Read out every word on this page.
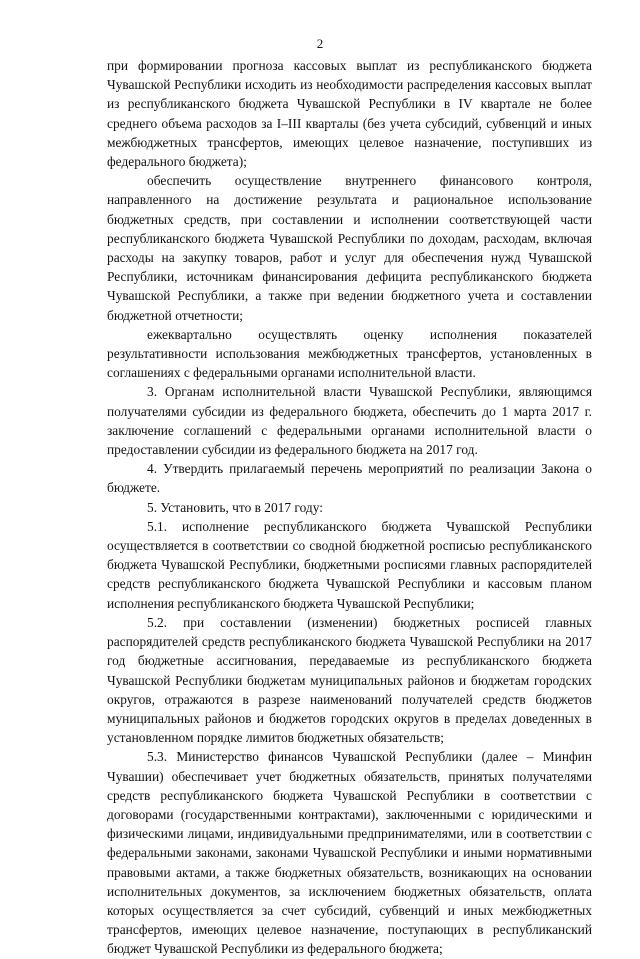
2

при формировании прогноза кассовых выплат из республиканского бюджета Чувашской Республики исходить из необходимости распределения кассовых выплат из республиканского бюджета Чувашской Республики в IV квартале не более среднего объема расходов за I–III кварталы (без учета субсидий, субвенций и иных межбюджетных трансфертов, имеющих целевое назначение, поступивших из федерального бюджета);

обеспечить осуществление внутреннего финансового контроля, направленного на достижение результата и рациональное использование бюджетных средств, при составлении и исполнении соответствующей части республиканского бюджета Чувашской Республики по доходам, расходам, включая расходы на закупку товаров, работ и услуг для обеспечения нужд Чувашской Республики, источникам финансирования дефицита республиканского бюджета Чувашской Республики, а также при ведении бюджетного учета и составлении бюджетной отчетности;

ежеквартально осуществлять оценку исполнения показателей результативности использования межбюджетных трансфертов, установленных в соглашениях с федеральными органами исполнительной власти.

3. Органам исполнительной власти Чувашской Республики, являющимся получателями субсидии из федерального бюджета, обеспечить до 1 марта 2017 г. заключение соглашений с федеральными органами исполнительной власти о предоставлении субсидии из федерального бюджета на 2017 год.

4. Утвердить прилагаемый перечень мероприятий по реализации Закона о бюджете.

5. Установить, что в 2017 году:

5.1. исполнение республиканского бюджета Чувашской Республики осуществляется в соответствии со сводной бюджетной росписью республиканского бюджета Чувашской Республики, бюджетными росписями главных распорядителей средств республиканского бюджета Чувашской Республики и кассовым планом исполнения республиканского бюджета Чувашской Республики;

5.2. при составлении (изменении) бюджетных росписей главных распорядителей средств республиканского бюджета Чувашской Республики на 2017 год бюджетные ассигнования, передаваемые из республиканского бюджета Чувашской Республики бюджетам муниципальных районов и бюджетам городских округов, отражаются в разрезе наименований получателей средств бюджетов муниципальных районов и бюджетов городских округов в пределах доведенных в установленном порядке лимитов бюджетных обязательств;

5.3. Министерство финансов Чувашской Республики (далее – Минфин Чувашии) обеспечивает учет бюджетных обязательств, принятых получателями средств республиканского бюджета Чувашской Республики в соответствии с договорами (государственными контрактами), заключенными с юридическими и физическими лицами, индивидуальными предпринимателями, или в соответствии с федеральными законами, законами Чувашской Республики и иными нормативными правовыми актами, а также бюджетных обязательств, возникающих на основании исполнительных документов, за исключением бюджетных обязательств, оплата которых осуществляется за счет субсидий, субвенций и иных межбюджетных трансфертов, имеющих целевое назначение, поступающих в республиканский бюджет Чувашской Республики из федерального бюджета;
